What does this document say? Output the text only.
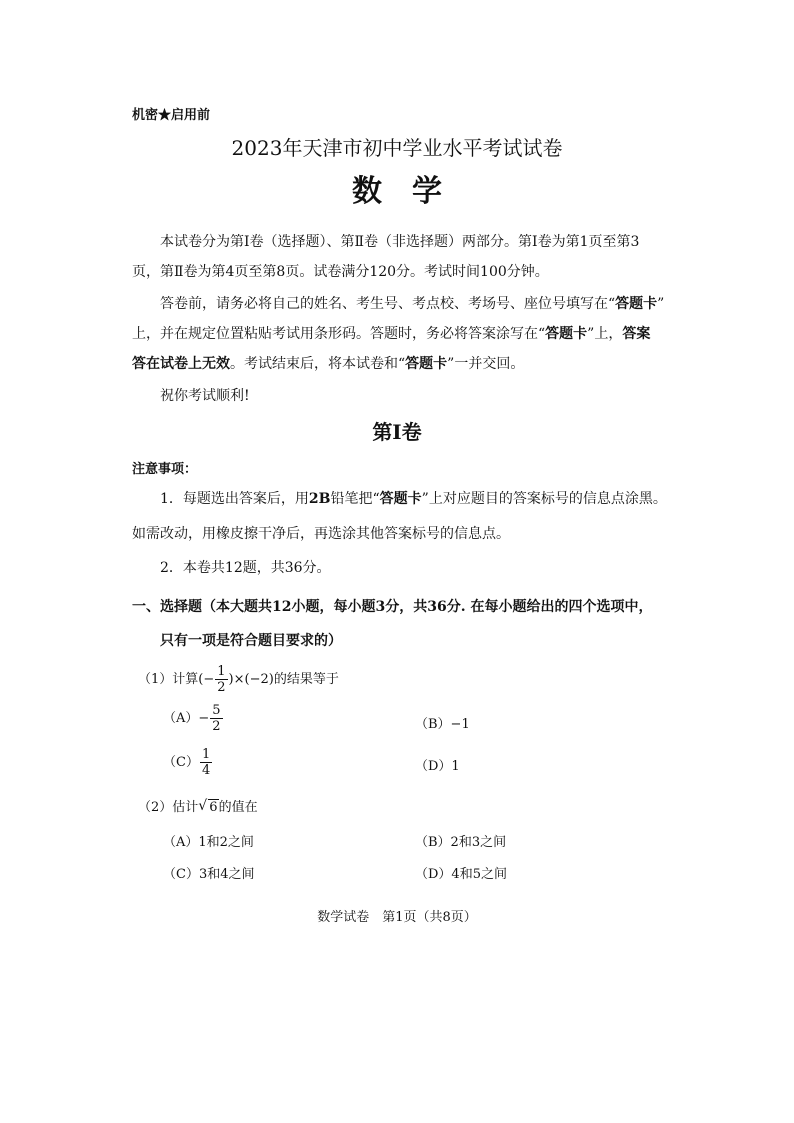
机密★启用前
2023年天津市初中学业水平考试试卷
数学
本试卷分为第Ⅰ卷（选择题）、第Ⅱ卷（非选择题）两部分。第Ⅰ卷为第1页至第3
页，第Ⅱ卷为第4页至第8页。试卷满分120分。考试时间100分钟。
答卷前，请务必将自己的姓名、考生号、考点校、考场号、座位号填写在“答题卡”
上，并在规定位置粘贴考试用条形码。答题时，务必将答案涂写在“答题卡”上，答案
答在试卷上无效。考试结束后，将本试卷和“答题卡”一并交回。
祝你考试顺利!
第Ⅰ卷
注意事项：
1．每题选出答案后，用2B铅笔把“答题卡”上对应题目的答案标号的信息点涂黑。
如需改动，用橡皮擦干净后，再选涂其他答案标号的信息点。
2．本卷共12题，共36分。
一、选择题（本大题共12小题，每小题3分，共36分. 在每小题给出的四个选项中，
只有一项是符合题目要求的）
（1）计算(− $\frac{1}{2} )\times(-2)$的结果等于
$(A)- \frac{5}{2}$	（B）−1
$(C) \frac{1}{4}$	（D）1
（2）估计 √ 6的值在
（A）1和2之间	（B）2和3之间
（C）3和4之间	（D）4和5之间
数学试卷　第1页（共8页）
